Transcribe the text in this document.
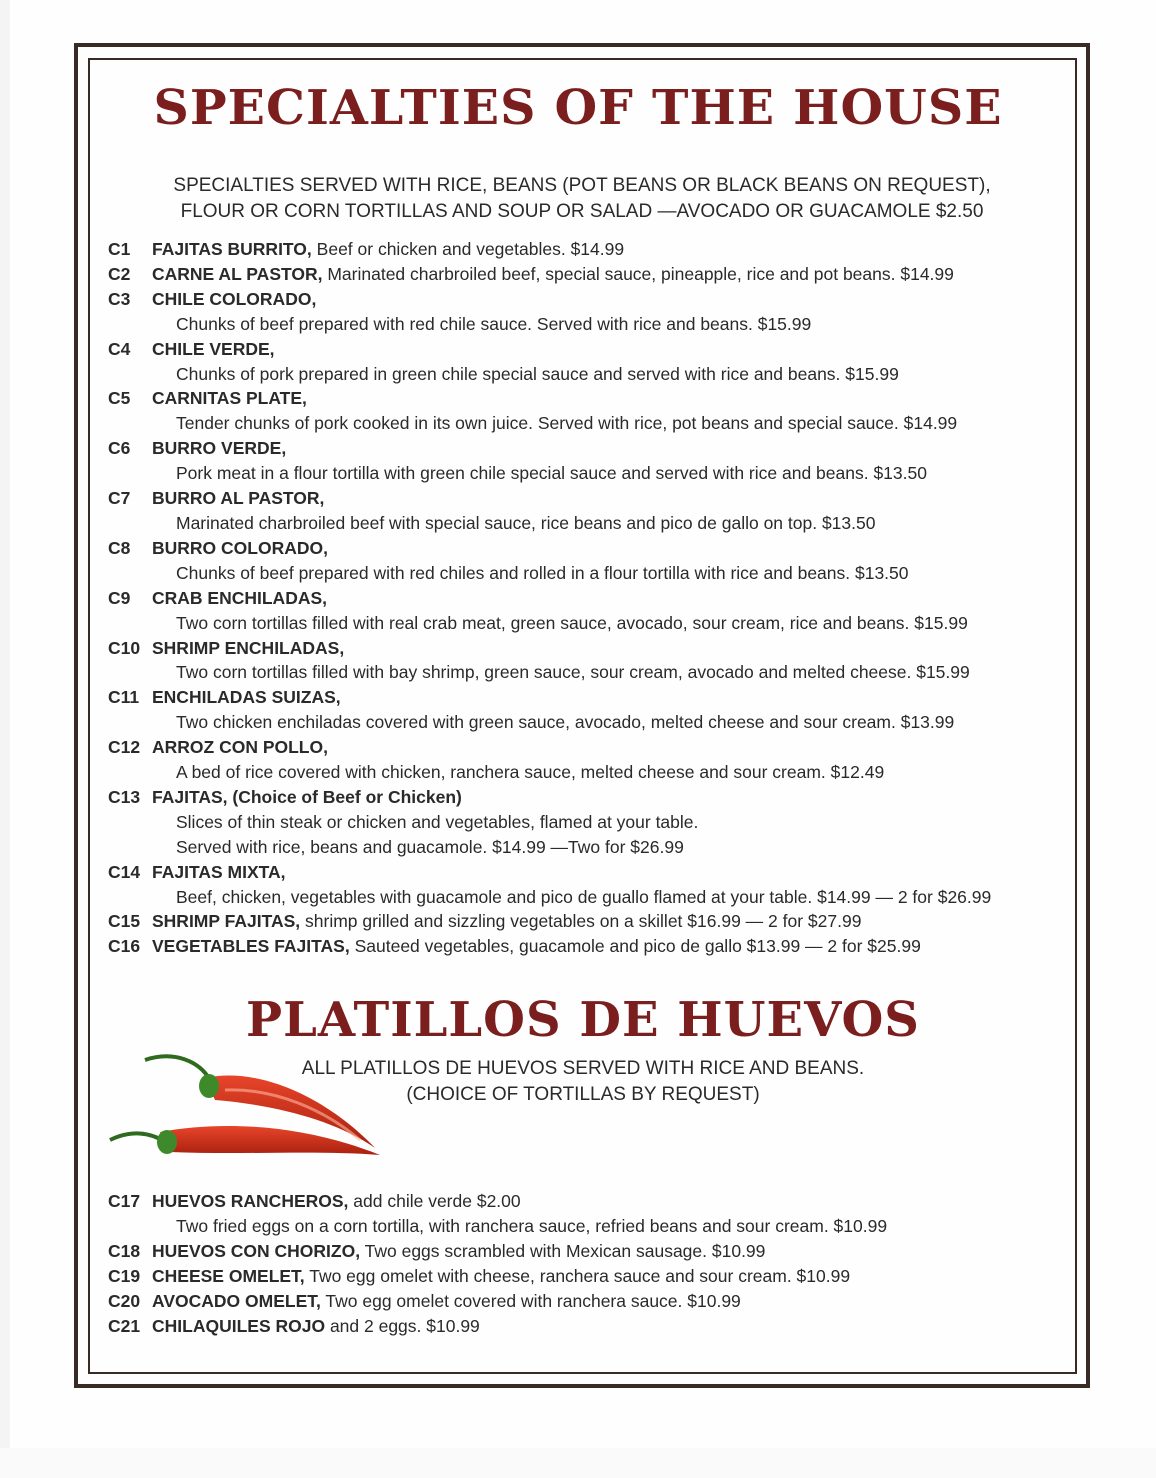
SPECIALTIES OF THE HOUSE
SPECIALTIES SERVED WITH RICE, BEANS (POT BEANS OR BLACK BEANS ON REQUEST),
FLOUR OR CORN TORTILLAS AND SOUP OR SALAD —AVOCADO OR GUACAMOLE $2.50
C1 FAJITAS BURRITO, Beef or chicken and vegetables. $14.99
C2 CARNE AL PASTOR, Marinated charbroiled beef, special sauce, pineapple, rice and pot beans. $14.99
C3 CHILE COLORADO,
Chunks of beef prepared with red chile sauce. Served with rice and beans. $15.99
C4 CHILE VERDE,
Chunks of pork prepared in green chile special sauce and served with rice and beans. $15.99
C5 CARNITAS PLATE,
Tender chunks of pork cooked in its own juice. Served with rice, pot beans and special sauce. $14.99
C6 BURRO VERDE,
Pork meat in a flour tortilla with green chile special sauce and served with rice and beans. $13.50
C7 BURRO AL PASTOR,
Marinated charbroiled beef with special sauce, rice beans and pico de gallo on top. $13.50
C8 BURRO COLORADO,
Chunks of beef prepared with red chiles and rolled in a flour tortilla with rice and beans. $13.50
C9 CRAB ENCHILADAS,
Two corn tortillas filled with real crab meat, green sauce, avocado, sour cream, rice and beans. $15.99
C10 SHRIMP ENCHILADAS,
Two corn tortillas filled with bay shrimp, green sauce, sour cream, avocado and melted cheese. $15.99
C11 ENCHILADAS SUIZAS,
Two chicken enchiladas covered with green sauce, avocado, melted cheese and sour cream. $13.99
C12 ARROZ CON POLLO,
A bed of rice covered with chicken, ranchera sauce, melted cheese and sour cream. $12.49
C13 FAJITAS, (Choice of Beef or Chicken)
Slices of thin steak or chicken and vegetables, flamed at your table.
Served with rice, beans and guacamole. $14.99 —Two for $26.99
C14 FAJITAS MIXTA,
Beef, chicken, vegetables with guacamole and pico de guallo flamed at your table. $14.99 — 2 for $26.99
C15 SHRIMP FAJITAS, shrimp grilled and sizzling vegetables on a skillet $16.99 — 2 for $27.99
C16 VEGETABLES FAJITAS, Sauteed vegetables, guacamole and pico de gallo $13.99 — 2 for $25.99
PLATILLOS DE HUEVOS
ALL PLATILLOS DE HUEVOS SERVED WITH RICE AND BEANS.
(CHOICE OF TORTILLAS BY REQUEST)
C17 HUEVOS RANCHEROS, add chile verde $2.00
Two fried eggs on a corn tortilla, with ranchera sauce, refried beans and sour cream. $10.99
C18 HUEVOS CON CHORIZO, Two eggs scrambled with Mexican sausage. $10.99
C19 CHEESE OMELET, Two egg omelet with cheese, ranchera sauce and sour cream. $10.99
C20 AVOCADO OMELET, Two egg omelet covered with ranchera sauce. $10.99
C21 CHILAQUILES ROJO and 2 eggs. $10.99
